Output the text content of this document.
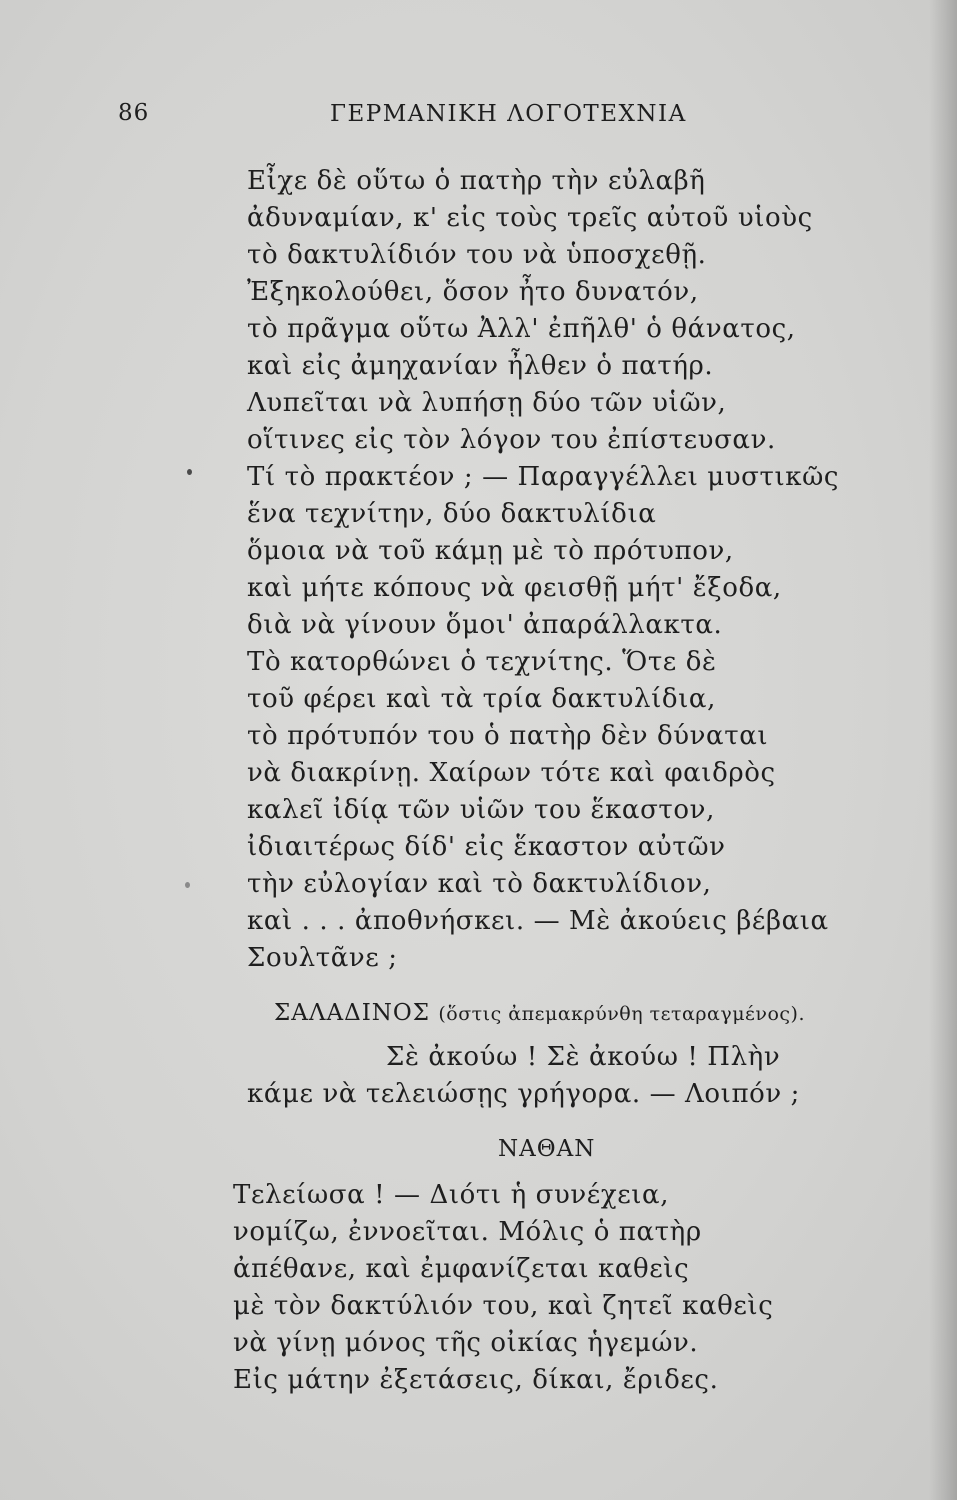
86	ΓΕΡΜΑΝΙΚΗ ΛΟΓΟΤΕΧΝΙΑ
Εἶχε δὲ οὕτω ὁ πατὴρ τὴν εὐλαβῆ
ἀδυναμίαν, κ' εἰς τοὺς τρεῖς αὐτοῦ υἱοὺς
τὸ δακτυλίδιόν του νὰ ὑποσχεθῇ.
Ἐξηκολούθει, ὅσον ἦτο δυνατόν,
τὸ πρᾶγμα οὕτω Ἀλλ' ἐπῆλθ' ὁ θάνατος,
καὶ εἰς ἀμηχανίαν ἦλθεν ὁ πατήρ.
Λυπεῖται νὰ λυπήσῃ δύο τῶν υἱῶν,
οἵτινες εἰς τὸν λόγον του ἐπίστευσαν.
Τί τὸ πρακτέον ; — Παραγγέλλει μυστικῶς
ἕνα τεχνίτην, δύο δακτυλίδια
ὅμοια νὰ τοῦ κάμῃ μὲ τὸ πρότυπον,
καὶ μήτε κόπους νὰ φεισθῇ μήτ' ἔξοδα,
διὰ νὰ γίνουν ὅμοι' ἀπαράλλακτα.
Τὸ κατορθώνει ὁ τεχνίτης. Ὅτε δὲ
τοῦ φέρει καὶ τὰ τρία δακτυλίδια,
τὸ πρότυπόν του ὁ πατὴρ δὲν δύναται
νὰ διακρίνῃ. Χαίρων τότε καὶ φαιδρὸς
καλεῖ ἰδίᾳ τῶν υἱῶν του ἕκαστον,
ἰδιαιτέρως δίδ' εἰς ἕκαστον αὐτῶν
τὴν εὐλογίαν καὶ τὸ δακτυλίδιον,
καὶ . . . ἀποθνήσκει. — Μὲ ἀκούεις βέβαια
Σουλτᾶνε ;
ΣΑΛΑΔΙΝΟΣ (ὅστις ἀπεμακρύνθη τεταραγμένος).
Σὲ ἀκούω ! Σὲ ἀκούω ! Πλὴν
κάμε νὰ τελειώσῃς γρήγορα. — Λοιπόν ;
ΝΑΘΑΝ
Τελείωσα ! — Διότι ἡ συνέχεια,
νομίζω, ἐννοεῖται. Μόλις ὁ πατὴρ
ἀπέθανε, καὶ ἐμφανίζεται καθεὶς
μὲ τὸν δακτύλιόν του, καὶ ζητεῖ καθεὶς
νὰ γίνῃ μόνος τῆς οἰκίας ἡγεμών.
Εἰς μάτην ἐξετάσεις, δίκαι, ἔριδες.
